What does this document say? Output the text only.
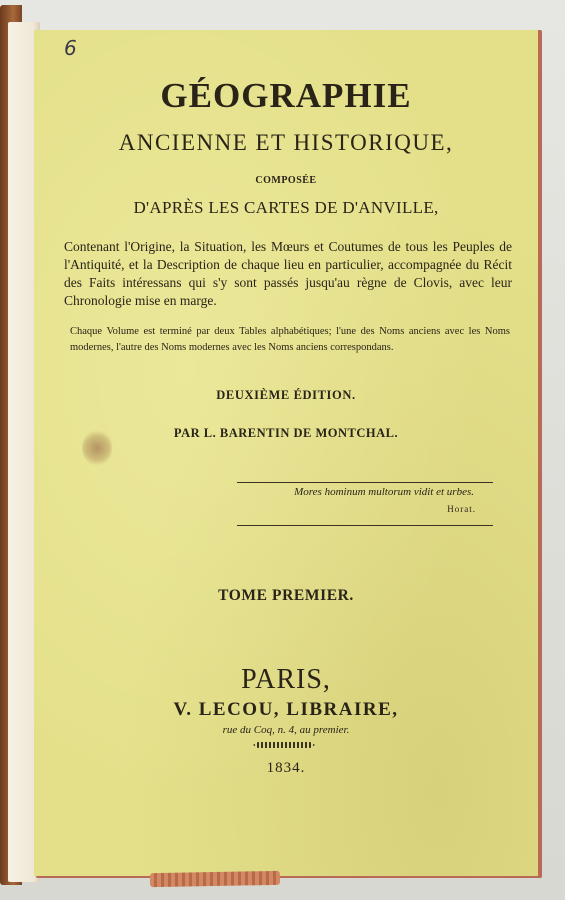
6
GÉOGRAPHIE
ANCIENNE ET HISTORIQUE,
COMPOSÉE
D'APRÈS LES CARTES DE D'ANVILLE,
Contenant l'Origine, la Situation, les Mœurs et Coutumes de tous les Peuples de l'Antiquité, et la Description de chaque lieu en particulier, accompagnée du Récit des Faits intéressans qui s'y sont passés jusqu'au règne de Clovis, avec leur Chronologie mise en marge.
Chaque Volume est terminé par deux Tables alphabétiques; l'une des Noms anciens avec les Noms modernes, l'autre des Noms modernes avec les Noms anciens correspondans.
DEUXIÈME ÉDITION.
PAR L. BARENTIN DE MONTCHAL.
Mores hominum multorum vidit et urbes.
Horat.
TOME PREMIER.
PARIS,
V. LECOU, LIBRAIRE,
rue du Coq, n. 4, au premier.
1834.
